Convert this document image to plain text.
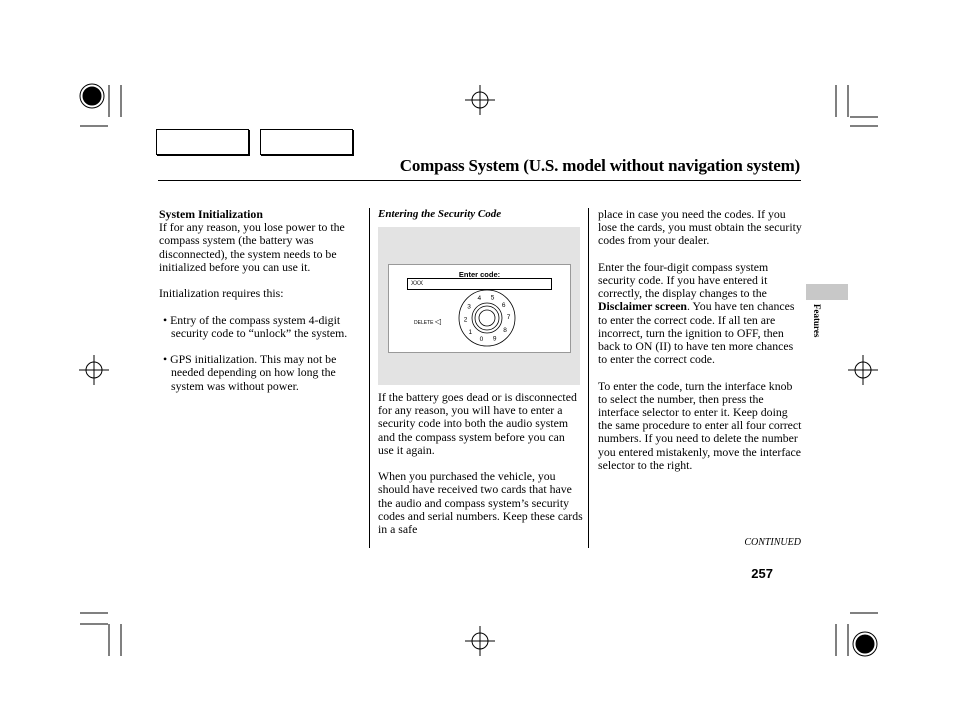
Compass System (U.S. model without navigation system)

System Initialization

If for any reason, you lose power to the compass system (the battery was disconnected), the system needs to be initialized before you can use it.

Initialization requires this:

• Entry of the compass system 4-digit security code to “unlock” the system.

• GPS initialization. This may not be needed depending on how long the system was without power.

Entering the Security Code

Enter code:
XXX
DELETE ◁
5
6
7
8
9
0
1
2
3
4

If the battery goes dead or is disconnected for any reason, you will have to enter a security code into both the audio system and the compass system before you can use it again.

When you purchased the vehicle, you should have received two cards that have the audio and compass system’s security codes and serial numbers. Keep these cards in a safe

place in case you need the codes. If you lose the cards, you must obtain the security codes from your dealer.

Enter the four-digit compass system security code. If you have entered it correctly, the display changes to the Disclaimer screen. You have ten chances to enter the correct code. If all ten are incorrect, turn the ignition to OFF, then back to ON (II) to have ten more chances to enter the correct code.

To enter the code, turn the interface knob to select the number, then press the interface selector to enter it. Keep doing the same procedure to enter all four correct numbers. If you need to delete the number you entered mistakenly, move the interface selector to the right.

Features
CONTINUED
257
